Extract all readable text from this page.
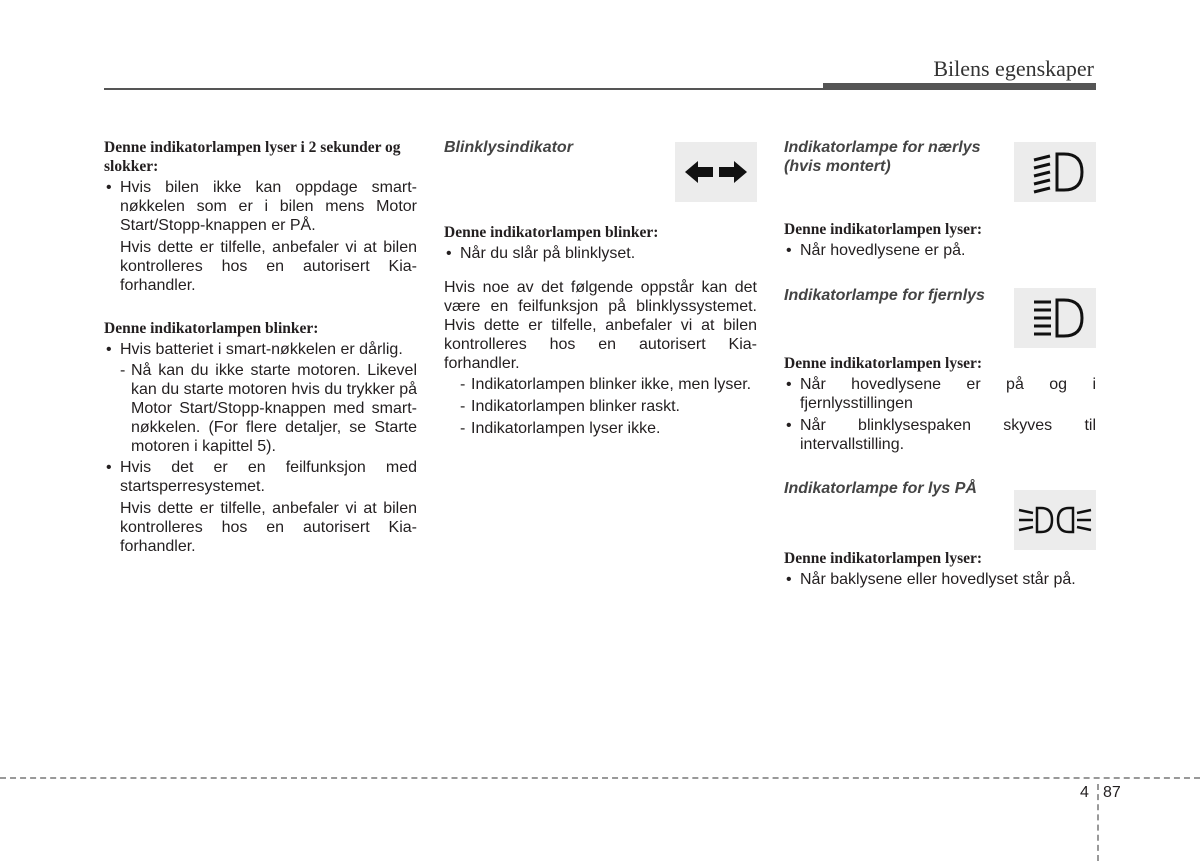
Bilens egenskaper

Denne indikatorlampen lyser i 2 sekunder og slokker:

• Hvis bilen ikke kan oppdage smart-nøkkelen som er i bilen mens Motor Start/Stopp-knappen er PÅ.
Hvis dette er tilfelle, anbefaler vi at bilen kontrolleres hos en autorisert Kia-forhandler.

Denne indikatorlampen blinker:

• Hvis batteriet i smart-nøkkelen er dårlig.
- Nå kan du ikke starte motoren. Likevel kan du starte motoren hvis du trykker på Motor Start/Stopp-knappen med smart-nøkkelen. (For flere detaljer, se Starte motoren i kapittel 5).
• Hvis det er en feilfunksjon med startsperresystemet.
Hvis dette er tilfelle, anbefaler vi at bilen kontrolleres hos en autorisert Kia-forhandler.
Blinklysindikator

Denne indikatorlampen blinker:

• Når du slår på blinklyset.
Hvis noe av det følgende oppstår kan det være en feilfunksjon på blinklyssystemet. Hvis dette er tilfelle, anbefaler vi at bilen kontrolleres hos en autorisert Kia-forhandler.
- Indikatorlampen blinker ikke, men lyser.
- Indikatorlampen blinker raskt.
- Indikatorlampen lyser ikke.
Indikatorlampe for nærlys (hvis montert)

Denne indikatorlampen lyser:

• Når hovedlysene er på.
Indikatorlampe for fjernlys

Denne indikatorlampen lyser:

• Når hovedlysene er på og i fjernlysstillingen
• Når blinklysespaken skyves til intervallstilling.
Indikatorlampe for lys PÅ

Denne indikatorlampen lyser:

• Når baklysene eller hovedlyset står på.
4 87
